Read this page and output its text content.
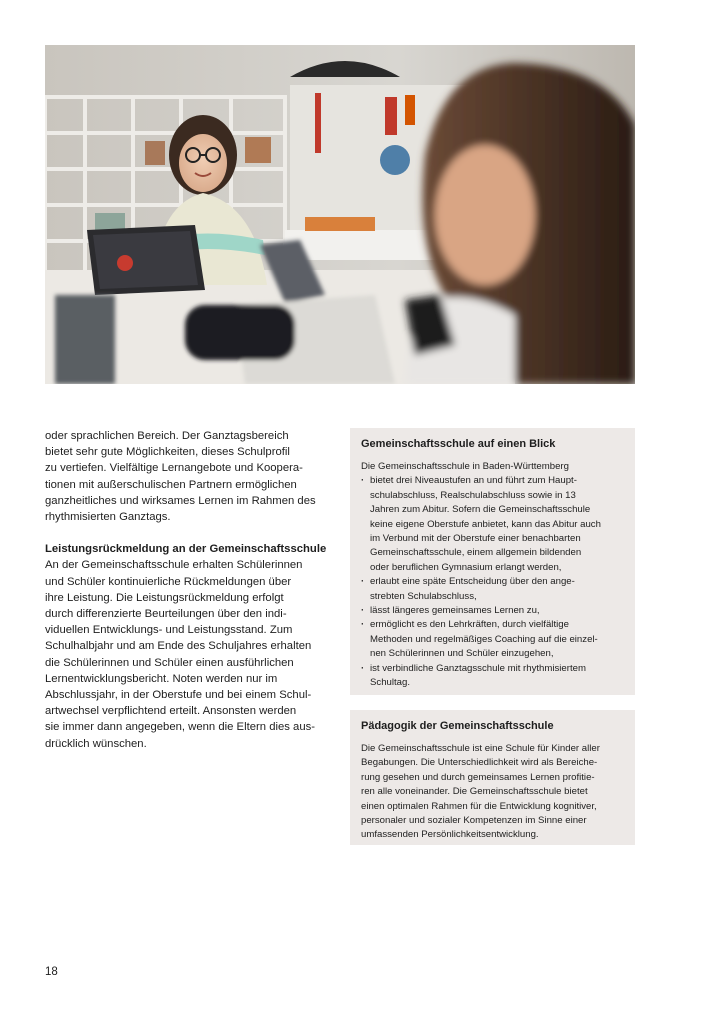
oder sprachlichen Bereich. Der Ganztagsbereich

bietet sehr gute Möglichkeiten, dieses Schulprofil

zu vertiefen. Vielfältige Lernangebote und Koopera-

tionen mit außerschulischen Partnern ermöglichen

ganzheitliches und wirksames Lernen im Rahmen des

rhythmisierten Ganztags.

Leistungsrückmeldung an der Gemeinschaftsschule

An der Gemeinschaftsschule erhalten Schülerinnen

und Schüler kontinuierliche Rückmeldungen über

ihre Leistung. Die Leistungsrückmeldung erfolgt

durch differenzierte Beurteilungen über den indi-

viduellen Entwicklungs- und Leistungsstand. Zum

Schulhalbjahr und am Ende des Schuljahres erhalten

die Schülerinnen und Schüler einen ausführlichen

Lernentwicklungsbericht. Noten werden nur im

Abschlussjahr, in der Oberstufe und bei einem Schul-

artwechsel verpflichtend erteilt. Ansonsten werden

sie immer dann angegeben, wenn die Eltern dies aus-

drücklich wünschen.

Gemeinschaftsschule auf einen Blick

Die Gemeinschaftsschule in Baden-Württemberg

· bietet drei Niveaustufen an und führt zum Haupt-
schulabschluss, Realschulabschluss sowie in 13
Jahren zum Abitur. Sofern die Gemeinschaftsschule
keine eigene Oberstufe anbietet, kann das Abitur auch
im Verbund mit der Oberstufe einer benachbarten
Gemeinschaftsschule, einem allgemein bildenden
oder beruflichen Gymnasium erlangt werden,
· erlaubt eine späte Entscheidung über den ange-
strebten Schulabschluss,
· lässt längeres gemeinsames Lernen zu,
· ermöglicht es den Lehrkräften, durch vielfältige
Methoden und regelmäßiges Coaching auf die einzel-
nen Schülerinnen und Schüler einzugehen,
· ist verbindliche Ganztagsschule mit rhythmisiertem
Schultag.
Pädagogik der Gemeinschaftsschule

Die Gemeinschaftsschule ist eine Schule für Kinder aller

Begabungen. Die Unterschiedlichkeit wird als Bereiche-

rung gesehen und durch gemeinsames Lernen profitie-

ren alle voneinander. Die Gemeinschaftsschule bietet

einen optimalen Rahmen für die Entwicklung kognitiver,

personaler und sozialer Kompetenzen im Sinne einer

umfassenden Persönlichkeitsentwicklung.

18
